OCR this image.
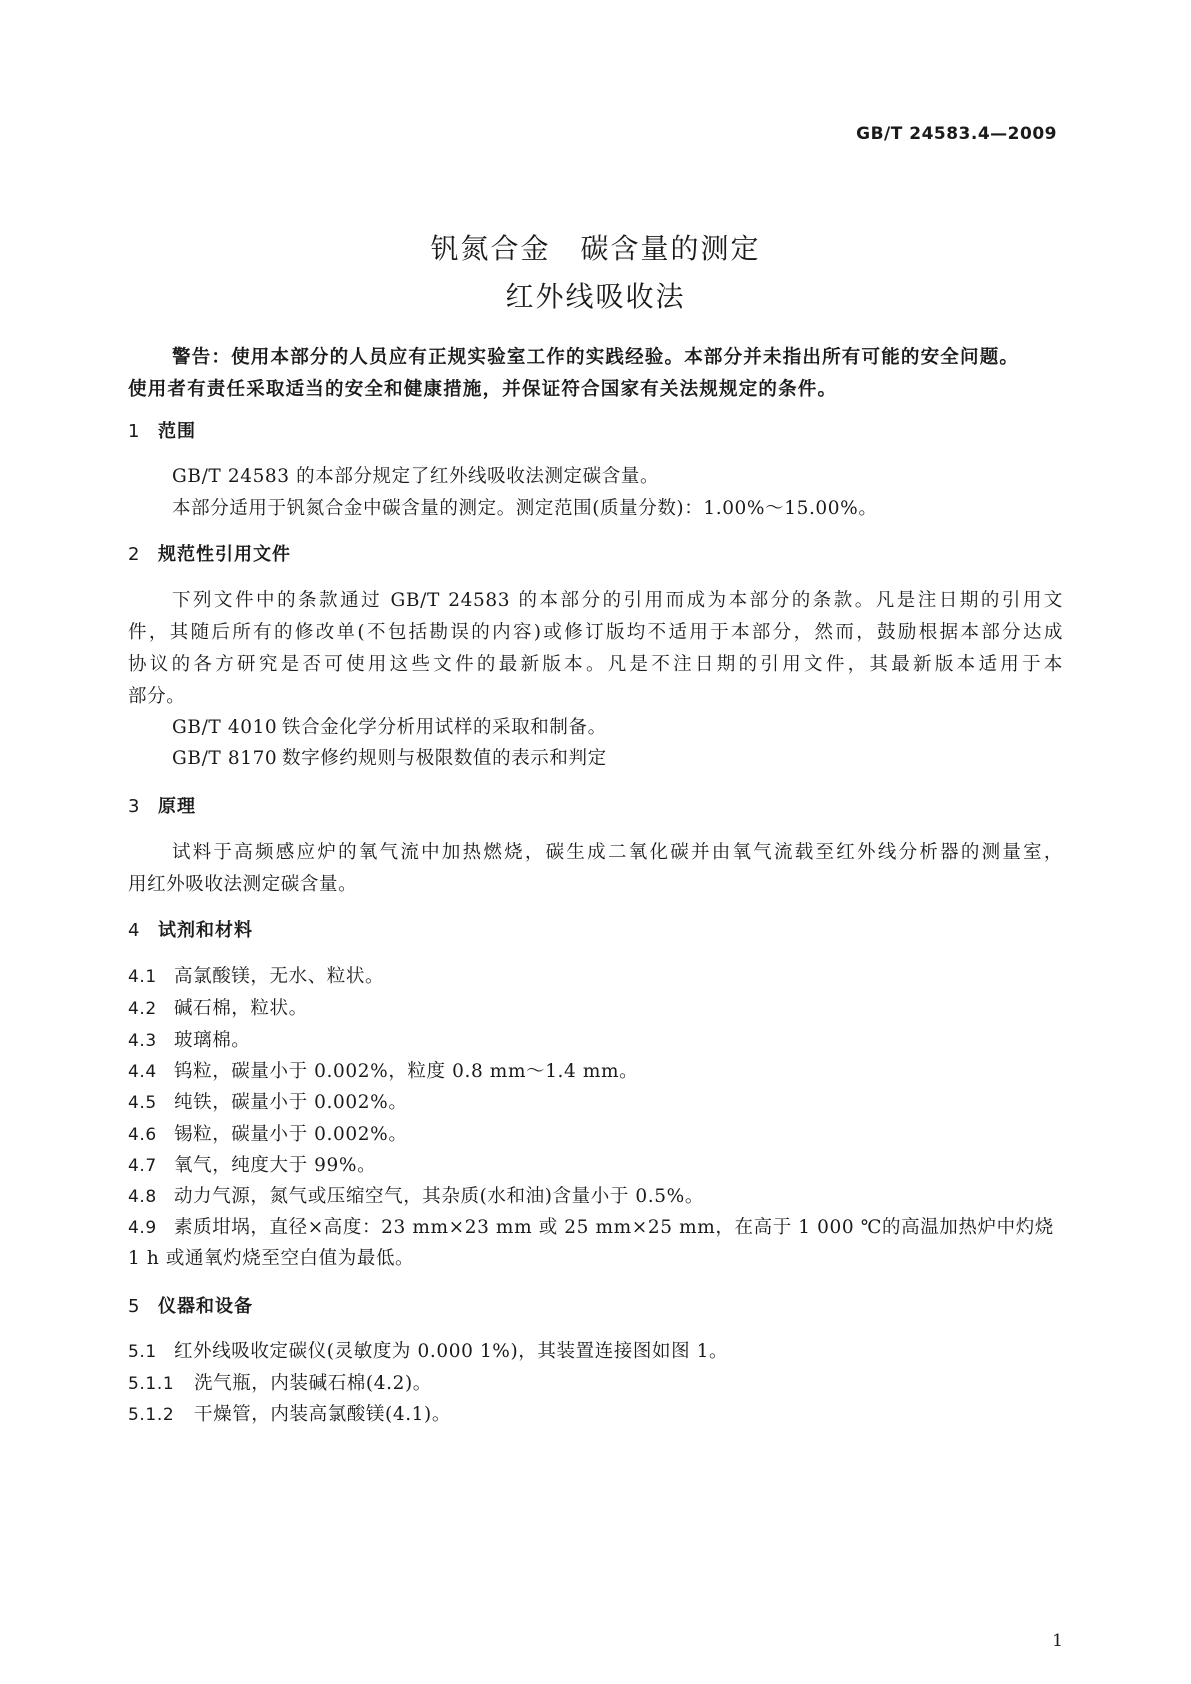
GB/T 24583.4—2009
钒氮合金　碳含量的测定
红外线吸收法
警告：使用本部分的人员应有正规实验室工作的实践经验。本部分并未指出所有可能的安全问题。
使用者有责任采取适当的安全和健康措施，并保证符合国家有关法规规定的条件。
1 范围
GB/T 24583 的本部分规定了红外线吸收法测定碳含量。
本部分适用于钒氮合金中碳含量的测定。测定范围(质量分数)：1.00%～15.00%。
2 规范性引用文件
下列文件中的条款通过 GB/T 24583 的本部分的引用而成为本部分的条款。凡是注日期的引用文
件，其随后所有的修改单(不包括勘误的内容)或修订版均不适用于本部分，然而，鼓励根据本部分达成
协议的各方研究是否可使用这些文件的最新版本。凡是不注日期的引用文件，其最新版本适用于本
部分。
GB/T 4010 铁合金化学分析用试样的采取和制备。
GB/T 8170 数字修约规则与极限数值的表示和判定
3 原理
试料于高频感应炉的氧气流中加热燃烧，碳生成二氧化碳并由氧气流载至红外线分析器的测量室，
用红外吸收法测定碳含量。
4 试剂和材料
4.1 高氯酸镁，无水、粒状。
4.2 碱石棉，粒状。
4.3 玻璃棉。
4.4 钨粒，碳量小于 0.002%，粒度 0.8 mm～1.4 mm。
4.5 纯铁，碳量小于 0.002%。
4.6 锡粒，碳量小于 0.002%。
4.7 氧气，纯度大于 99%。
4.8 动力气源，氮气或压缩空气，其杂质(水和油)含量小于 0.5%。
4.9 素质坩埚，直径×高度：23 mm×23 mm 或 25 mm×25 mm，在高于 1 000 ℃的高温加热炉中灼烧
1 h 或通氧灼烧至空白值为最低。
5 仪器和设备
5.1 红外线吸收定碳仪(灵敏度为 0.000 1%)，其装置连接图如图 1。
5.1.1 洗气瓶，内装碱石棉(4.2)。
5.1.2 干燥管，内装高氯酸镁(4.1)。
1
